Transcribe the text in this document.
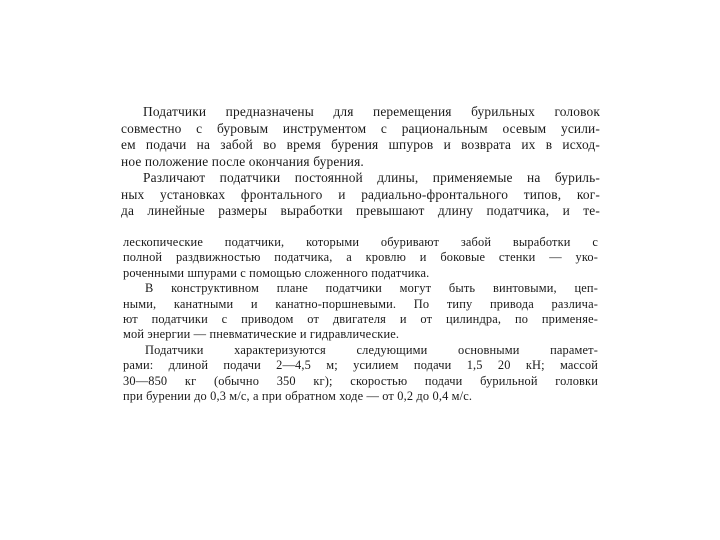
Податчики предназначены для перемещения бурильных головок
совместно с буровым инструментом с рациональным осевым усили-
ем подачи на забой во время бурения шпуров и возврата их в исход-
ное положение после окончания бурения.

Различают податчики постоянной длины, применяемые на буриль-
ных установках фронтального и радиально-фронтального типов, ког-
да линейные размеры выработки превышают длину податчика, и те-

лескопические податчики, которыми обуривают забой выработки с
полной раздвижностью податчика, а кровлю и боковые стенки — уко-
роченными шпурами с помощью сложенного податчика.

В конструктивном плане податчики могут быть винтовыми, цеп-
ными, канатными и канатно-поршневыми. По типу привода различа-
ют податчики с приводом от двигателя и от цилиндра, по применяе-
мой энергии — пневматические и гидравлические.

Податчики характеризуются следующими основными парамет-
рами: длиной подачи 2—4,5 м; усилием подачи 1,5 20 кН; массой
30—850 кг (обычно 350 кг); скоростью подачи бурильной головки
при бурении до 0,3 м/с, а при обратном ходе — от 0,2 до 0,4 м/с.
